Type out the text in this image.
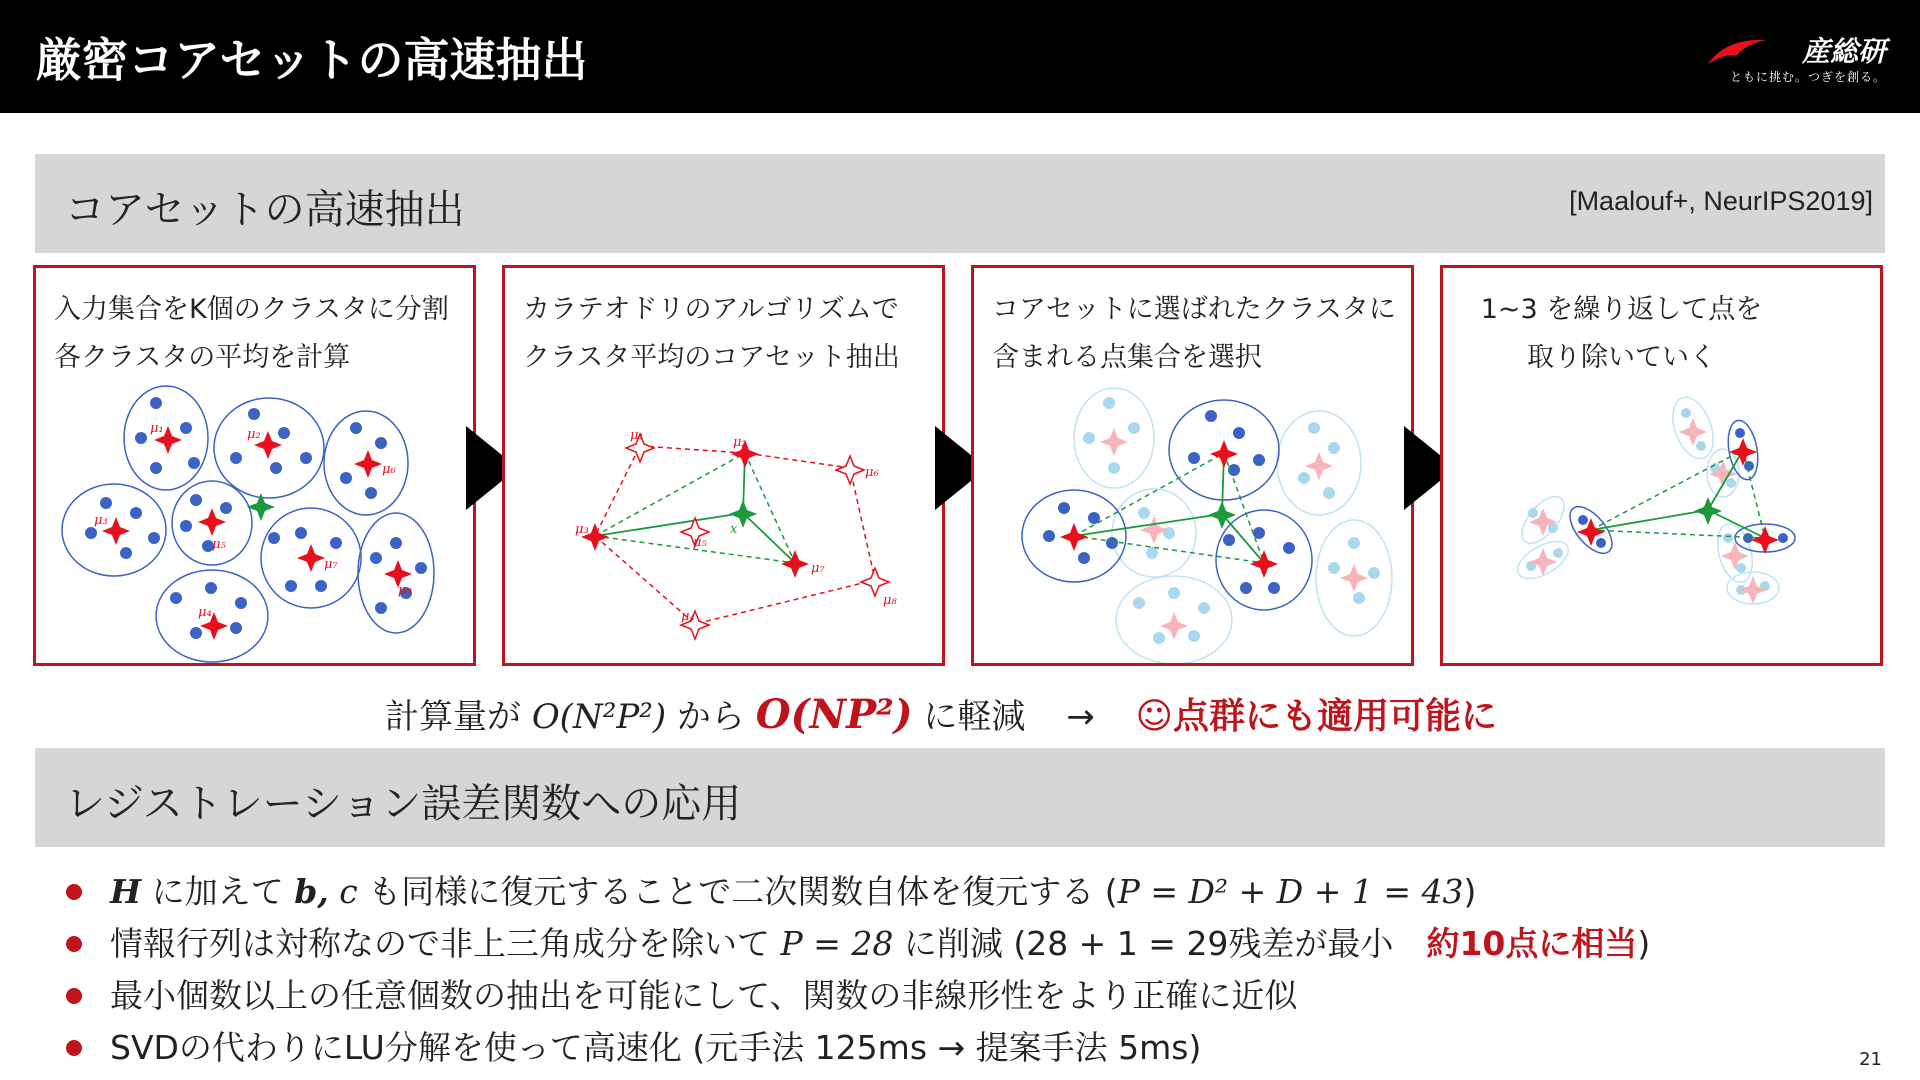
厳密コアセットの高速抽出	産総研
ともに挑む。つぎを創る。
コアセットの高速抽出	[Maalouf+, NeurIPS2019]
入力集合をK個のクラスタに分割
各クラスタの平均を計算
μ₁	μ₂
μ₆
μ₃
μ₅
μ₇
μ₈
μ₄
カラテオドリのアルゴリズムで
クラスタ平均のコアセット抽出
μ₁	μ₂
μ₆
μ₃
μ₅
μ₇
μ₈
μ₄
x
コアセットに選ばれたクラスタに
含まれる点集合を選択
1~3 を繰り返して点を
取り除いていく
計算量が O(N²P²) から O(NP²) に軽減 → ☺点群にも適用可能に
レジストレーション誤差関数への応用
H に加えて b, c も同様に復元することで二次関数自体を復元する (P = D² + D + 1 = 43)
情報行列は対称なので非上三角成分を除いて P = 28 に削減 (28 + 1 = 29残差が最小　約10点に相当)
最小個数以上の任意個数の抽出を可能にして、関数の非線形性をより正確に近似
SVDの代わりにLU分解を使って高速化 (元手法 125ms → 提案手法 5ms)	21
